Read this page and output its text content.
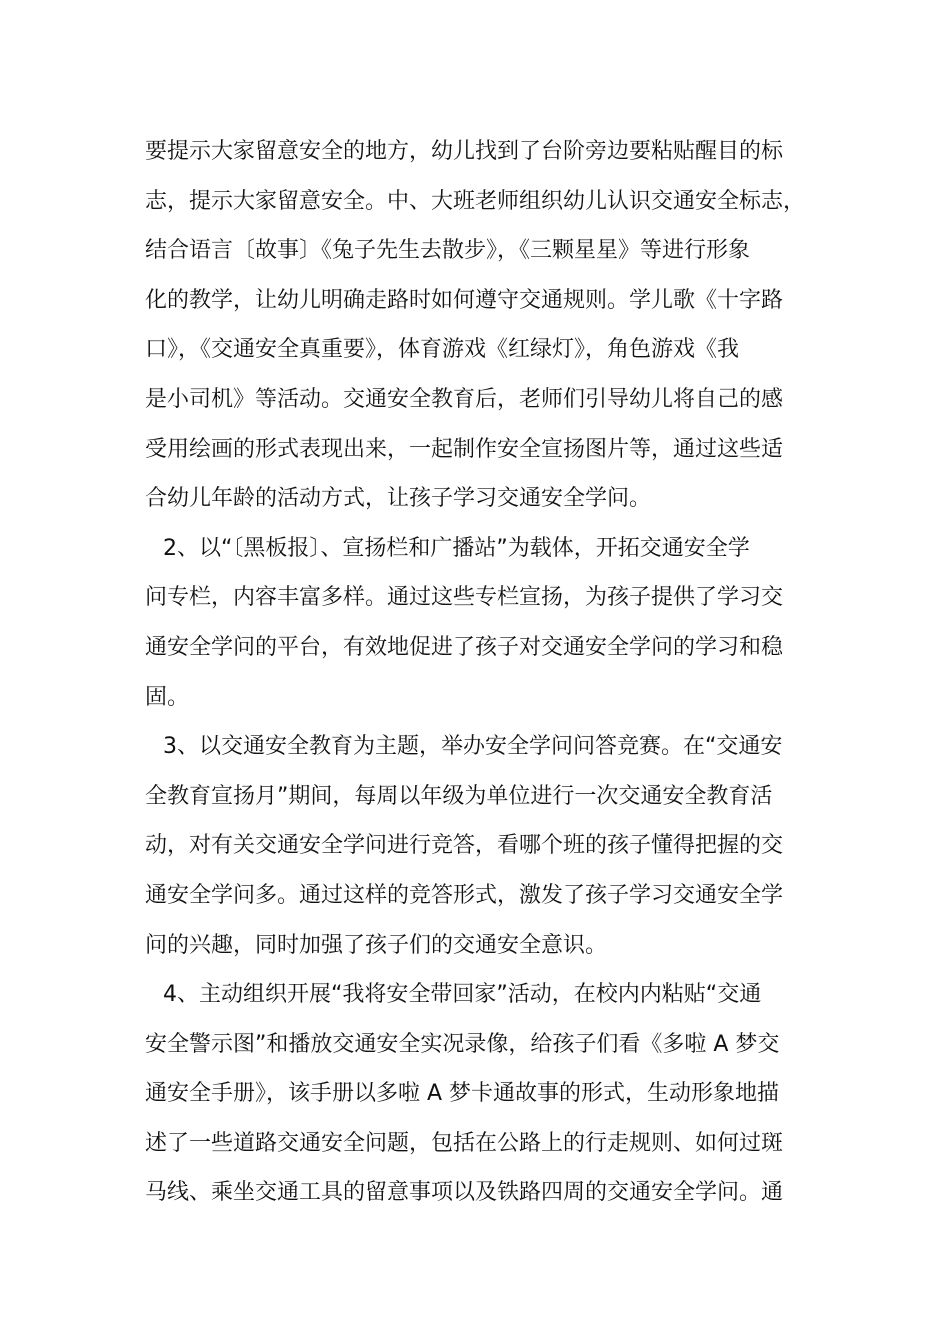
要提示大家留意安全的地方，幼儿找到了台阶旁边要粘贴醒目的标
志，提示大家留意安全。中、大班老师组织幼儿认识交通安全标志，
结合语言〔故事〕《兔子先生去散步》，《三颗星星》等进行形象
化的教学，让幼儿明确走路时如何遵守交通规则。学儿歌《十字路
口》，《交通安全真重要》，体育游戏《红绿灯》，角色游戏《我
是小司机》等活动。交通安全教育后，老师们引导幼儿将自己的感
受用绘画的形式表现出来，一起制作安全宣扬图片等，通过这些适
合幼儿年龄的活动方式，让孩子学习交通安全学问。
2、以“〔黑板报〕、宣扬栏和广播站”为载体，开拓交通安全学
问专栏，内容丰富多样。通过这些专栏宣扬，为孩子提供了学习交
通安全学问的平台，有效地促进了孩子对交通安全学问的学习和稳
固。
3、以交通安全教育为主题，举办安全学问问答竞赛。在“交通安
全教育宣扬月”期间，每周以年级为单位进行一次交通安全教育活
动，对有关交通安全学问进行竞答，看哪个班的孩子懂得把握的交
通安全学问多。通过这样的竞答形式，激发了孩子学习交通安全学
问的兴趣，同时加强了孩子们的交通安全意识。
4、主动组织开展“我将安全带回家”活动，在校内内粘贴“交通
安全警示图”和播放交通安全实况录像，给孩子们看《多啦 A 梦交
通安全手册》，该手册以多啦 A 梦卡通故事的形式，生动形象地描
述了一些道路交通安全问题，包括在公路上的行走规则、如何过斑
马线、乘坐交通工具的留意事项以及铁路四周的交通安全学问。通
